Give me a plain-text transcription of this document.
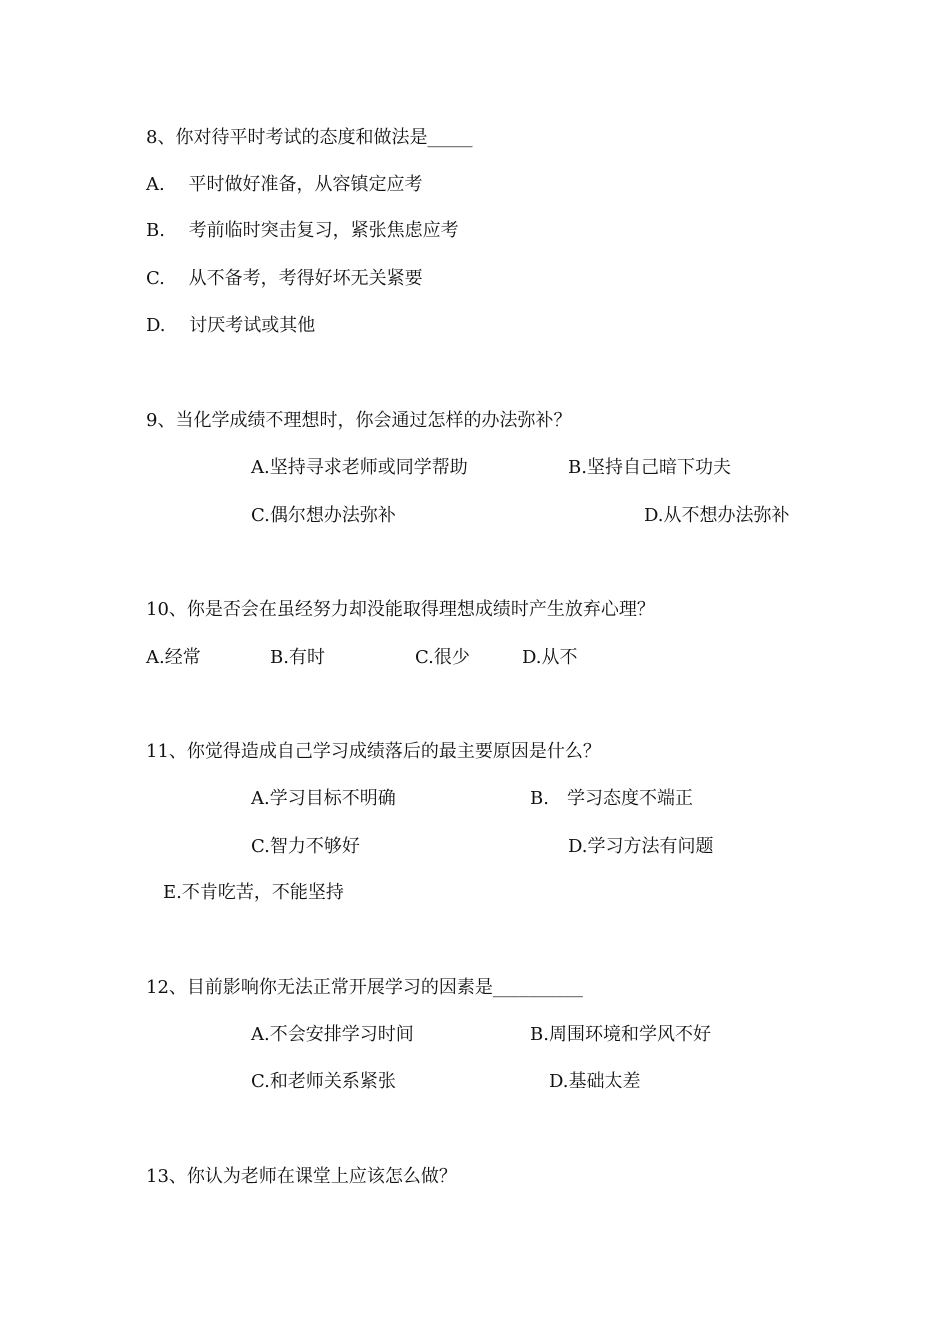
8、你对待平时考试的态度和做法是_____
A.　 平时做好准备，从容镇定应考
B.　 考前临时突击复习，紧张焦虑应考
C.　 从不备考，考得好坏无关紧要
D.　 讨厌考试或其他
9、当化学成绩不理想时，你会通过怎样的办法弥补？
A.坚持寻求老师或同学帮助	B.坚持自己暗下功夫
C.偶尔想办法弥补	D.从不想办法弥补
10、你是否会在虽经努力却没能取得理想成绩时产生放弃心理？
A.经常	B.有时	C.很少	D.从不
11、你觉得造成自己学习成绩落后的最主要原因是什么？
A.学习目标不明确	B.　学习态度不端正
C.智力不够好	D.学习方法有问题
E.不肯吃苦，不能坚持
12、目前影响你无法正常开展学习的因素是__________
A.不会安排学习时间	B.周围环境和学风不好
C.和老师关系紧张	D.基础太差
13、你认为老师在课堂上应该怎么做？
